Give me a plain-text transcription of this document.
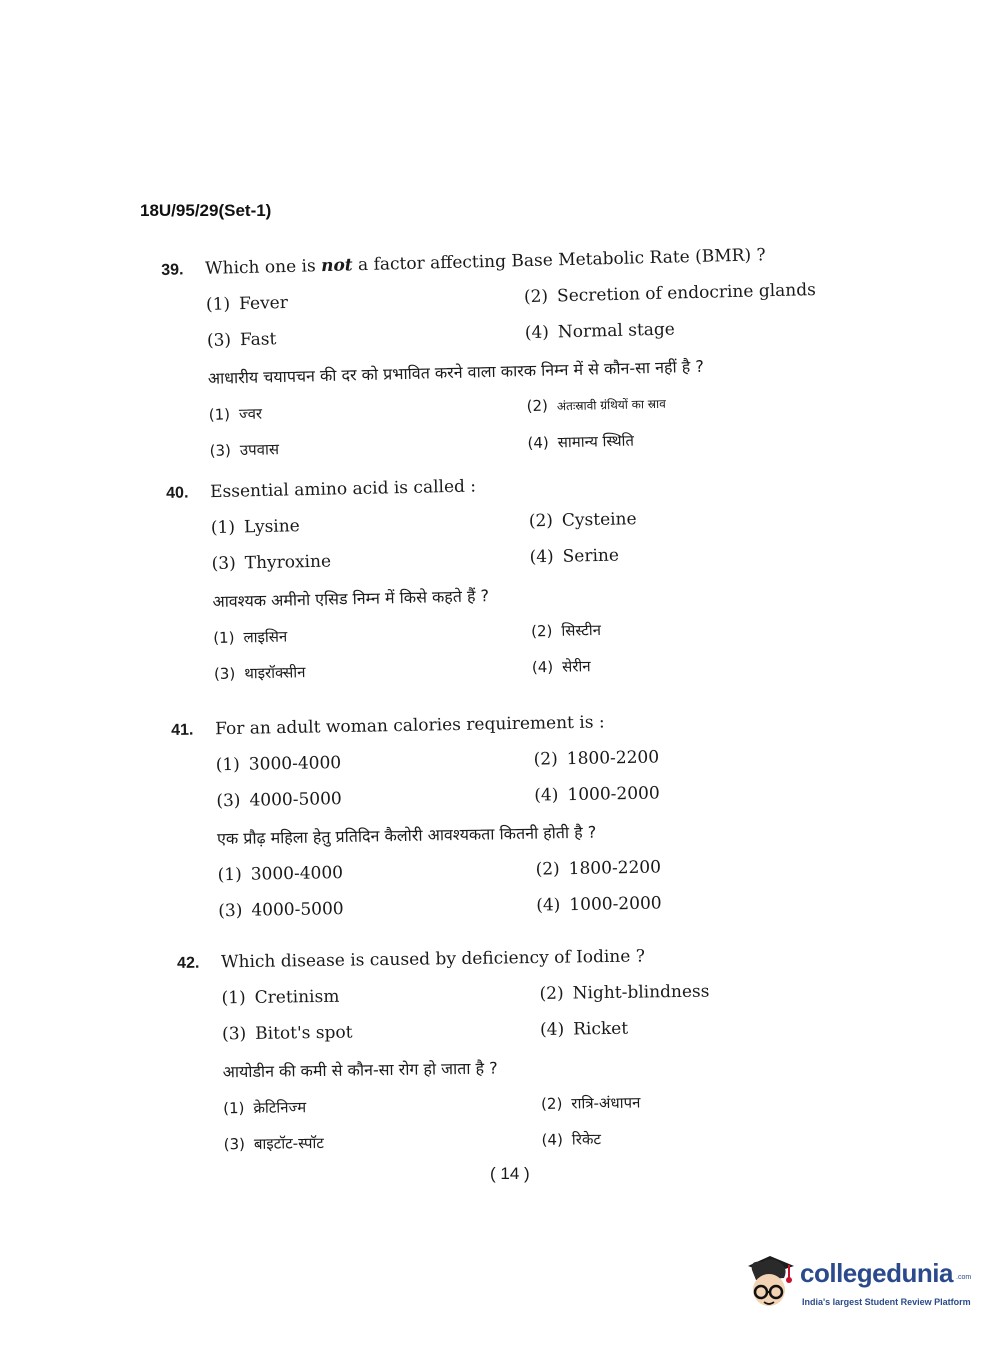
18U/95/29(Set-1)
39. Which one is not a factor affecting Base Metabolic Rate (BMR) ?
(1) Fever	(2) Secretion of endocrine glands
(3) Fast	(4) Normal stage
आधारीय चयापचन की दर को प्रभावित करने वाला कारक निम्न में से कौन-सा नहीं है ?
(1) ज्वर	(2) अंतःस्रावी ग्रंथियों का स्राव
(3) उपवास	(4) सामान्य स्थिति
40. Essential amino acid is called :
(1) Lysine	(2) Cysteine
(3) Thyroxine	(4) Serine
आवश्यक अमीनो एसिड निम्न में किसे कहते हैं ?
(1) लाइसिन	(2) सिस्टीन
(3) थाइरॉक्सीन	(4) सेरीन
41. For an adult woman calories requirement is :
(1) 3000-4000	(2) 1800-2200
(3) 4000-5000	(4) 1000-2000
एक प्रौढ़ महिला हेतु प्रतिदिन कैलोरी आवश्यकता कितनी होती है ?
(1) 3000-4000	(2) 1800-2200
(3) 4000-5000	(4) 1000-2000
42. Which disease is caused by deficiency of Iodine ?
(1) Cretinism	(2) Night-blindness
(3) Bitot's spot	(4) Ricket
आयोडीन की कमी से कौन-सा रोग हो जाता है ?
(1) क्रेटिनिज्म	(2) रात्रि-अंधापन
(3) बाइटॉट-स्पॉट	(4) रिकेट
( 14 )
collegedunia .com
India's largest Student Review Platform
